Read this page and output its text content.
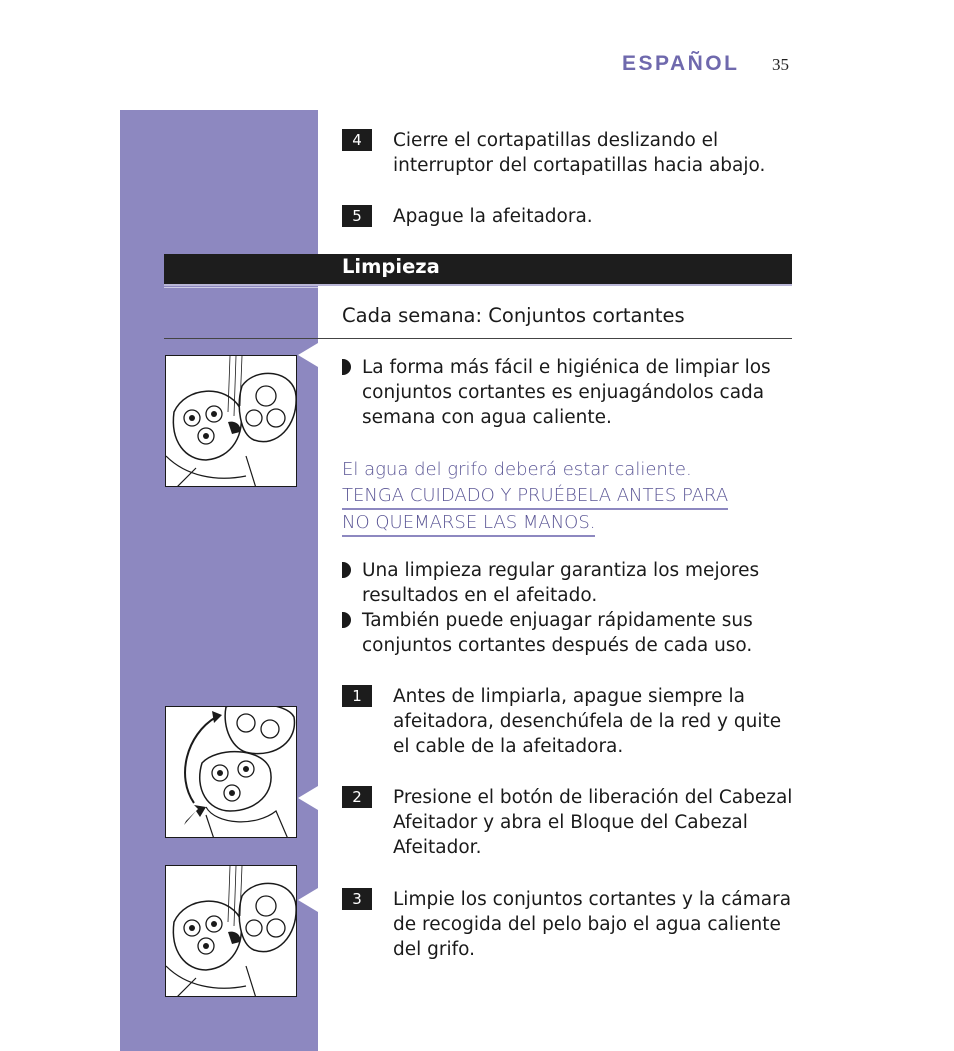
ESPAÑOL 35
4	Cierre el cortapatillas deslizando el interruptor del cortapatillas hacia abajo.
5	Apague la afeitadora.
Limpieza
Cada semana: Conjuntos cortantes
La forma más fácil e higiénica de limpiar los conjuntos cortantes es enjuagándolos cada semana con agua caliente.
El agua del grifo deberá estar caliente.
TENGA CUIDADO Y PRUÉBELA ANTES PARA
NO QUEMARSE LAS MANOS.
Una limpieza regular garantiza los mejores resultados en el afeitado.
También puede enjuagar rápidamente sus conjuntos cortantes después de cada uso.
1	Antes de limpiarla, apague siempre la afeitadora, desenchúfela de la red y quite el cable de la afeitadora.
2	Presione el botón de liberación del Cabezal Afeitador y abra el Bloque del Cabezal Afeitador.
3	Limpie los conjuntos cortantes y la cámara de recogida del pelo bajo el agua caliente del grifo.
